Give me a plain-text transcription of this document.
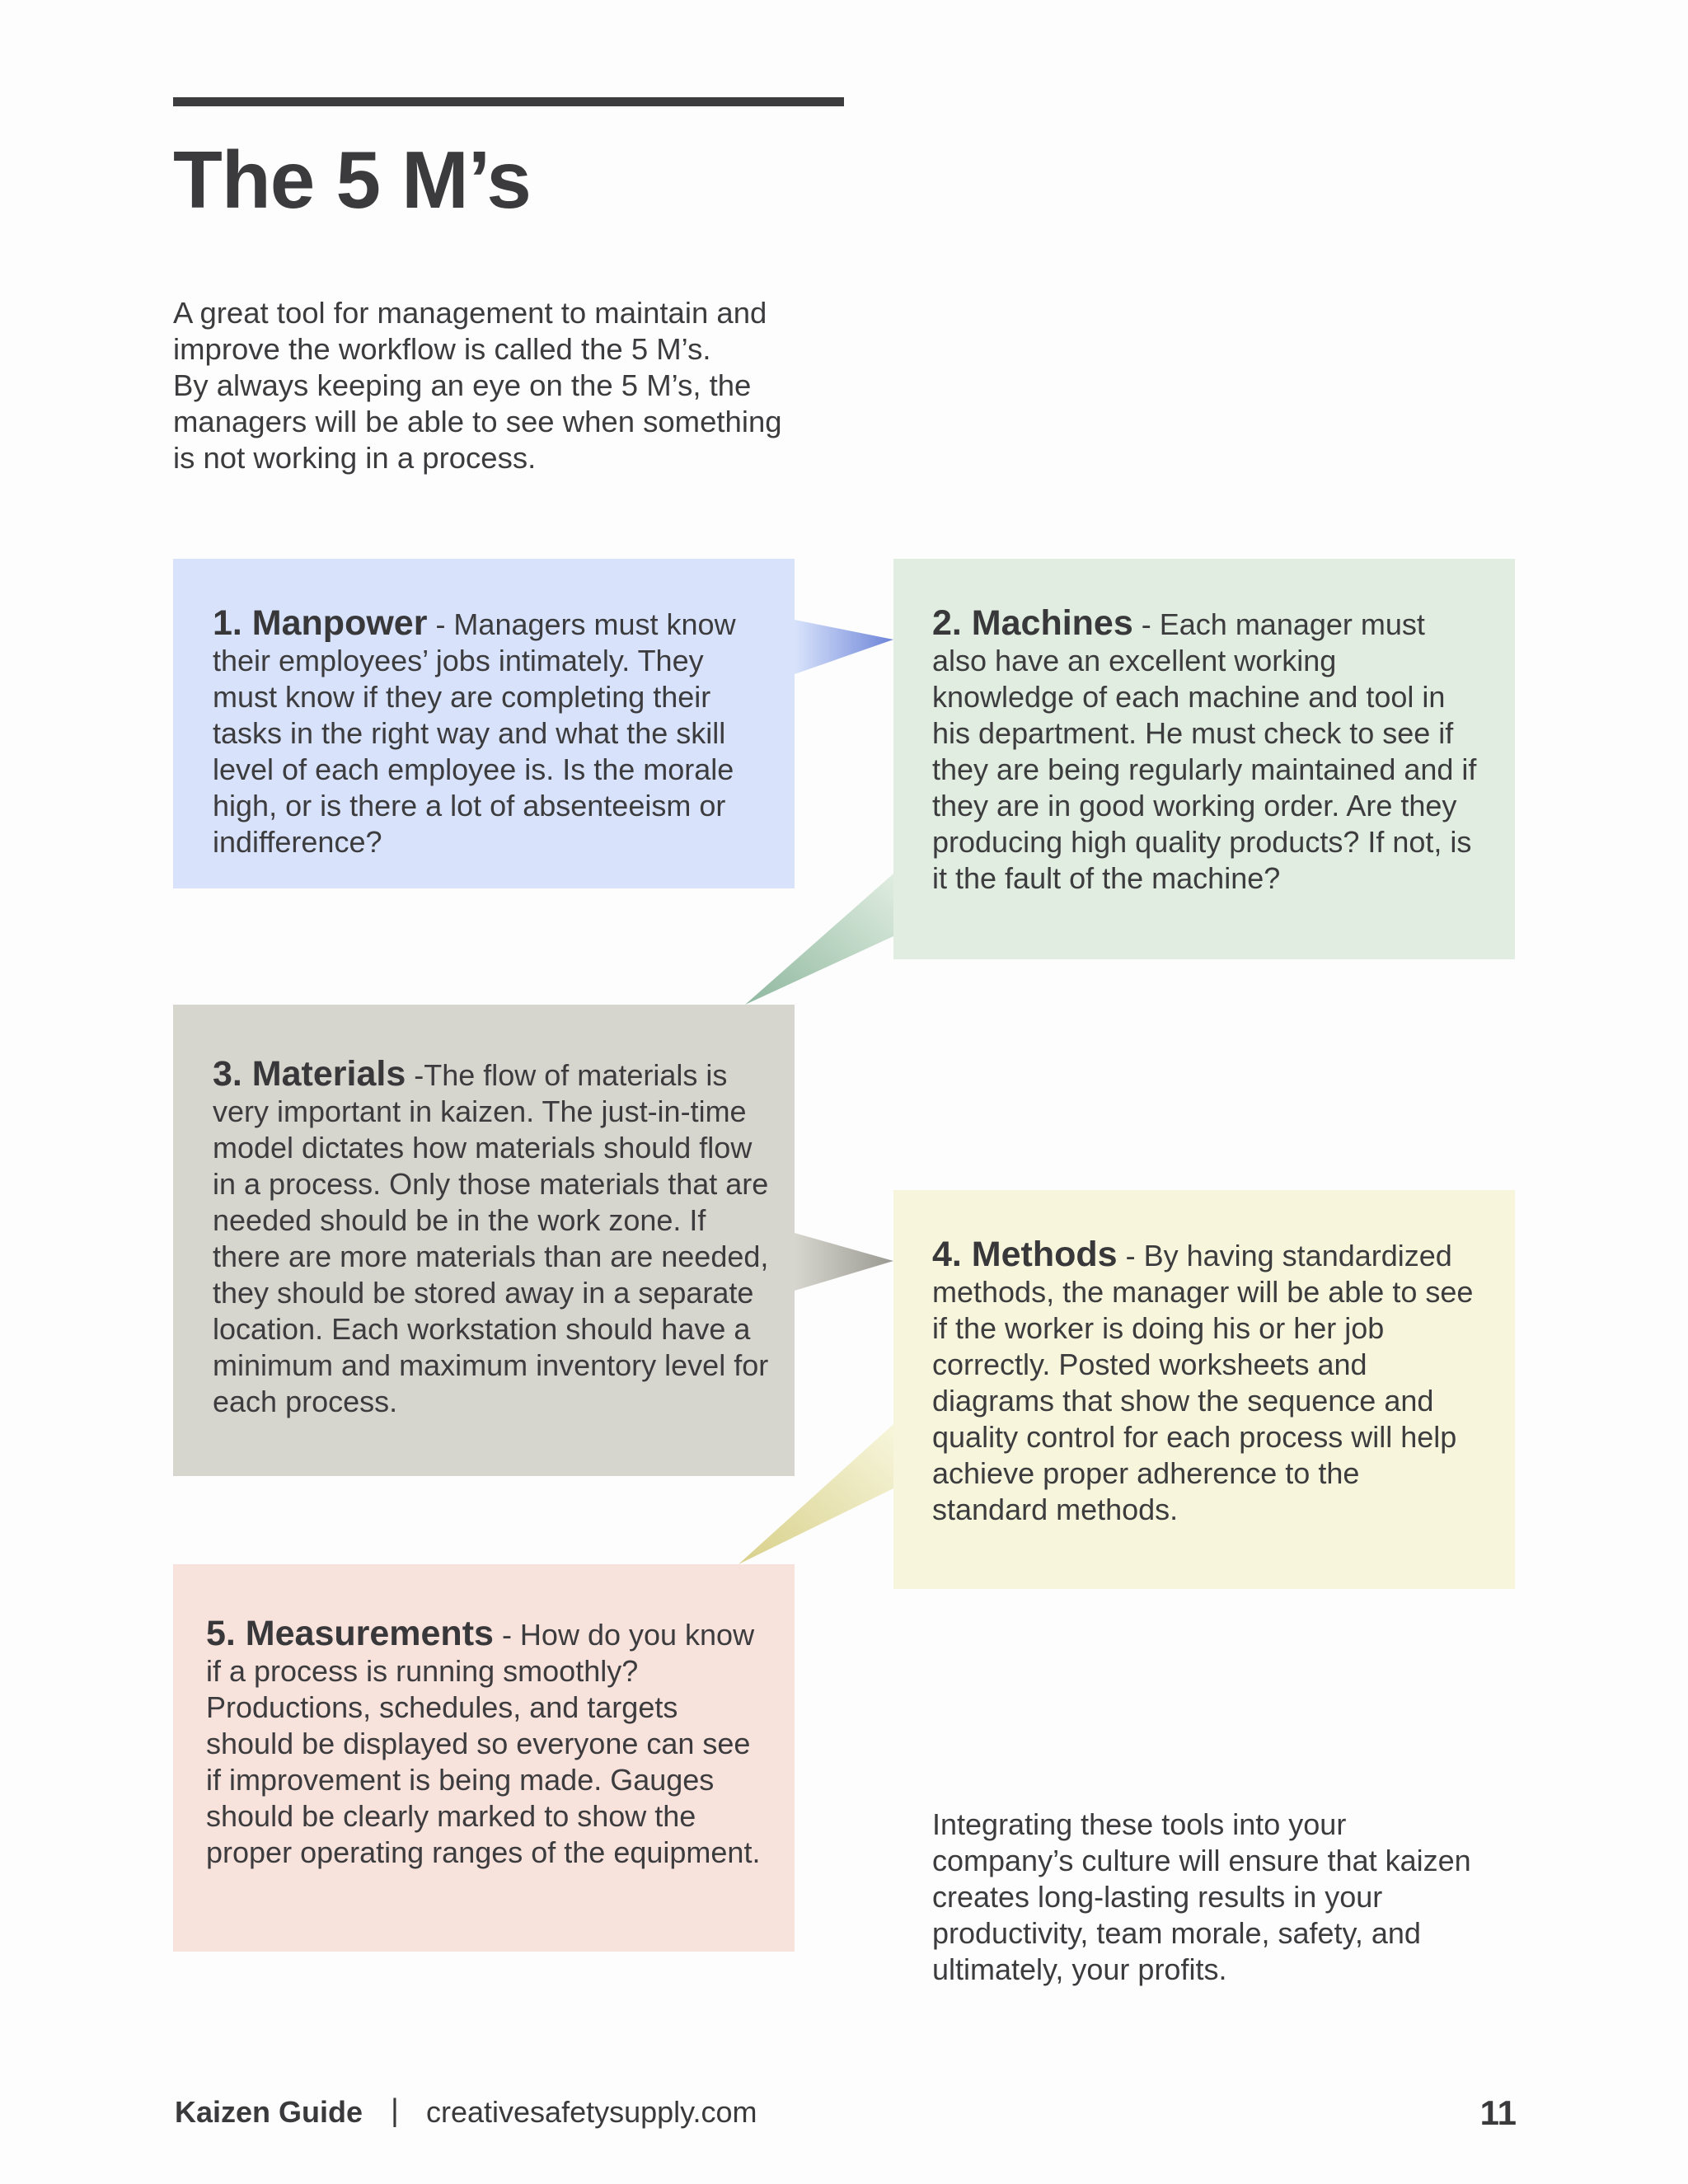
The 5 M’s

A great tool for management to maintain and
improve the workflow is called the 5 M’s.
By always keeping an eye on the 5 M’s, the
managers will be able to see when something
is not working in a process.

1. Manpower - Managers must know their employees’ jobs intimately. They must know if they are completing their tasks in the right way and what the skill level of each employee is. Is the morale high, or is there a lot of absenteeism or indifference?

2. Machines - Each manager must also have an excellent working knowledge of each machine and tool in his department. He must check to see if they are being regularly maintained and if they are in good working order. Are they producing high quality products? If not, is it the fault of the machine?

3. Materials -The flow of materials is very important in kaizen. The just-in-time model dictates how materials should flow in a process. Only those materials that are needed should be in the work zone. If there are more materials than are needed, they should be stored away in a separate location. Each workstation should have a minimum and maximum inventory level for each process.

4. Methods - By having standardized methods, the manager will be able to see if the worker is doing his or her job correctly. Posted worksheets and diagrams that show the sequence and quality control for each process will help achieve proper adherence to the standard methods.

5. Measurements - How do you know if a process is running smoothly? Productions, schedules, and targets should be displayed so everyone can see if improvement is being made. Gauges should be clearly marked to show the proper operating ranges of the equipment.

Integrating these tools into your
company’s culture will ensure that kaizen
creates long-lasting results in your
productivity, team morale, safety, and
ultimately, your profits.

Kaizen Guide | creativesafetysupply.com	11
